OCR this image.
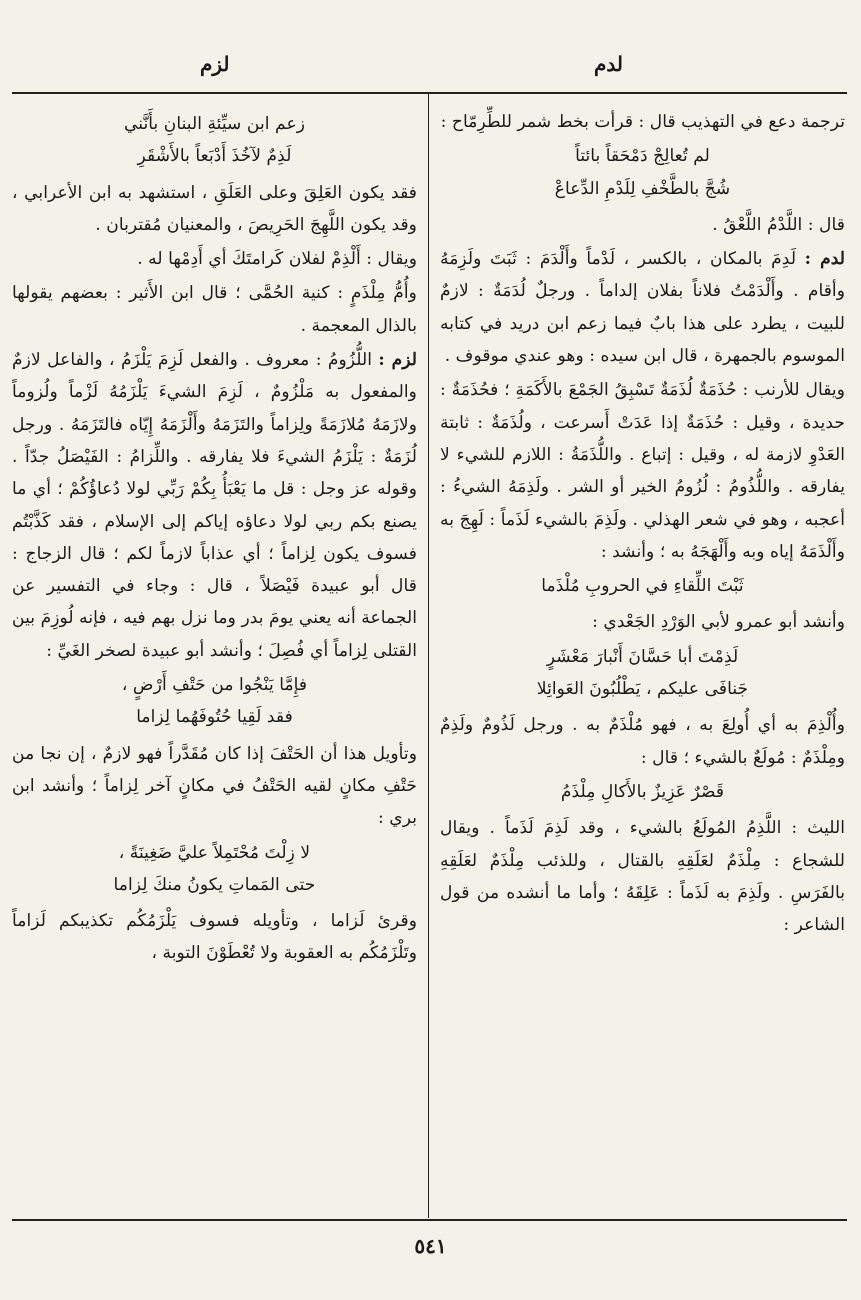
لدم
لزم

ترجمة دعع في التهذيب قال : قرأت بخط شمر للطِّرِمّاح :

لم تُعالِجْ دَمْحَقاً بائتاً
شُجَّ بالطَّخْفِ لِلَدْمِ الدِّعاعْ

قال : اللَّدْمُ اللَّعْقُ .

لدم : لَدِمَ بالمكان ، بالكسر ، لَدْماً وأَلْدَمَ : ثَبَتَ ولَزِمَهُ وأقام . وأَلْدَمْتُ فلاناً بفلان إلداماً . ورجلٌ لُدَمَةٌ : لازمٌ للبيت ، يطرد على هذا بابٌ فيما زعم ابن دريد في كتابه الموسوم بالجمهرة ، قال ابن سيده : وهو عندي موقوف .

ويقال للأرنب : حُذَمَةٌ لُذَمَةٌ تَسْبِقُ الجَمْعَ بالأَكَمَةِ ؛ فحُذَمَةٌ : حديدة ، وقيل : حُذَمَةٌ إذا عَدَتْ أَسرعت ، ولُذَمَةٌ : ثابتة العَدْوِ لازمة له ، وقيل : إتباع . واللُّذَمَةُ : اللازم للشيء لا يفارقه . واللُّذُومُ : لُزُومُ الخير أو الشر . ولَذِمَهُ الشيءُ : أعجبه ، وهو في شعر الهذلي . ولَذِمَ بالشيء لَذَماً : لَهِجَ به وأَلْذَمَهُ إياه وبه وأَلْهَجَهُ به ؛ وأنشد :

ثَبْتَ اللِّقاءِ في الحروبِ مُلْذَما

وأنشد أبو عمرو لأبي الوَرْدِ الجَعْدي :

لَذِمْتَ أبا حَسَّانَ أَنْبارَ مَعْشَرٍ
جَنافَى عليكم ، يَطْلُبُونَ العَوائِلا

وأُلْذِمَ به أي أُولِعَ به ، فهو مُلْذَمٌ به . ورجل لَذُومٌ ولَذِمٌ ومِلْذَمٌ : مُولَعٌ بالشيء ؛ قال :

قَصْرٌ عَزِيزٌ بالأَكالِ مِلْذَمُ

الليث : اللَّذِمُ المُولَعُ بالشيء ، وقد لَذِمَ لَذَماً . ويقال للشجاع : مِلْذَمٌ لعَلَقِهِ بالقتال ، وللذئب مِلْذَمٌ لعَلَقِهِ بالفَرَسِ . ولَذِمَ به لَذَماً : عَلِقَهُ ؛ وأما ما أنشده من قول الشاعر :

زعم ابن سيِّئةِ البنانِ بأَنَّني
لَذِمٌ لآخُذَ أَدْبَعاً بالأَشْقَرِ

فقد يكون العَلِقَ وعلى العَلَقِ ، استشهد به ابن الأعرابي ، وقد يكون اللَّهِجَ الحَرِيصَ ، والمعنيان مُقتربان .

ويقال : أَلْذِمْ لفلان كَرامتَكَ أي أَدِمْها له .

وأُمُّ مِلْذَمٍ : كنية الحُمَّى ؛ قال ابن الأَثير : بعضهم يقولها بالذال المعجمة .

لزم : اللُّزُومُ : معروف . والفعل لَزِمَ يَلْزَمُ ، والفاعل لازمٌ والمفعول به مَلْزُومٌ ، لَزِمَ الشيءَ يَلْزَمُهُ لَزْماً ولُزوماً ولازَمَهُ مُلازَمَةً ولِزاماً والتَزَمَهُ وأَلْزَمَهُ إِيّاه فالتَزَمَهُ . ورجل لُزَمَةٌ : يَلْزَمُ الشيءَ فلا يفارقه . واللِّزامُ : الفَيْصَلُ جدّاً . وقوله عز وجل : قل ما يَعْبَأُ بِكُمْ رَبِّي لولا دُعاؤُكُمْ ؛ أي ما يصنع بكم ربي لولا دعاؤه إياكم إلى الإسلام ، فقد كَذَّبْتُم فسوف يكون لِزاماً ؛ أي عذاباً لازماً لكم ؛ قال الزجاج : قال أبو عبيدة فَيْصَلاً ، قال : وجاء في التفسير عن الجماعة أنه يعني يومَ بدر وما نزل بهم فيه ، فإنه لُوزِمَ بين القتلى لِزاماً أي فُصِلَ ؛ وأنشد أبو عبيدة لصخر الغَيِّ :

فإِمَّا يَنْجُوا من حَتْفِ أَرْضٍ ،
فقد لَقِيا حُتُوفَهُما لِزاما

وتأويل هذا أن الحَتْفَ إذا كان مُقَدَّراً فهو لازمٌ ، إن نجا من حَتْفِ مكانٍ لقيه الحَتْفُ في مكانٍ آخر لِزاماً ؛ وأنشد ابن بري :

لا زِلْتَ مُحْتَمِلاً عليَّ ضَغِينَةً ،
حتى المَماتِ يكونُ منكَ لِزاما

وقرئ لَزاما ، وتأويله فسوف يَلْزَمُكُم تكذيبكم لَزاماً وتَلْزَمُكُم به العقوبة ولا تُعْطَوْنَ التوبة ،

٥٤١
